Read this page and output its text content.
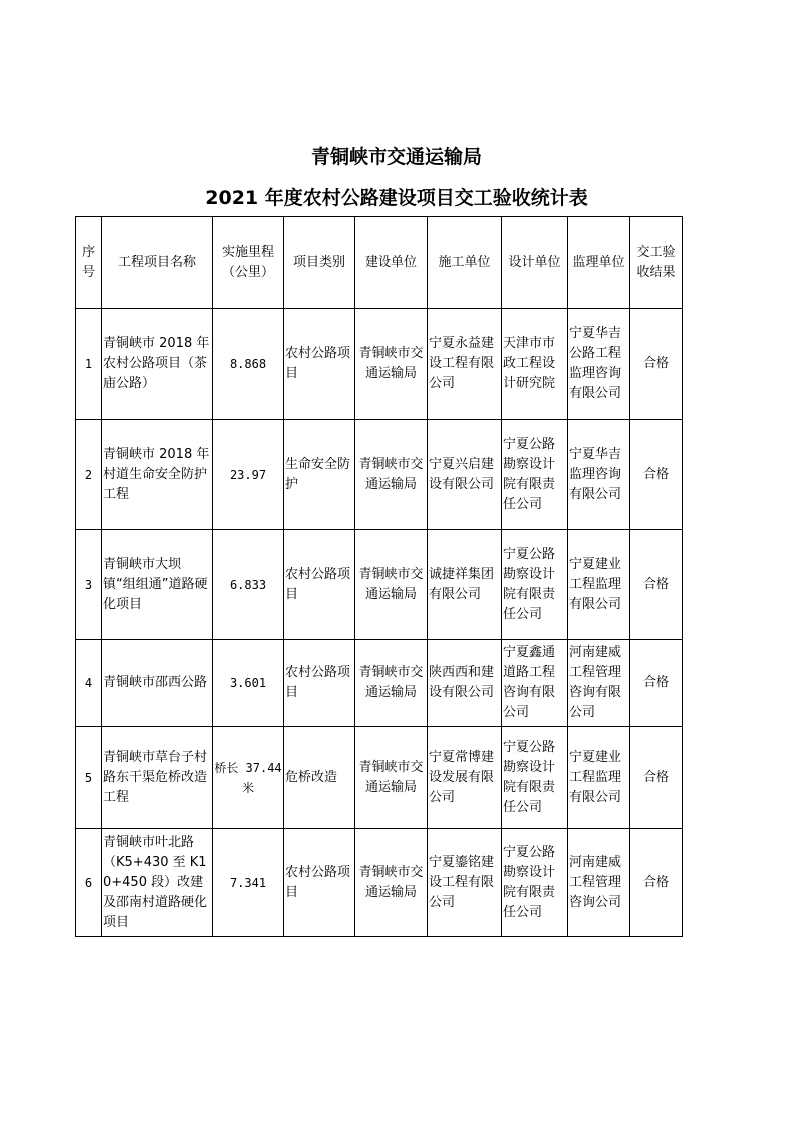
青铜峡市交通运输局
2021 年度农村公路建设项目交工验收统计表
序号	工程项目名称	实施里程（公里）	项目类别	建设单位	施工单位	设计单位	监理单位	交工验收结果
1	青铜峡市 2018 年农村公路项目（茶庙公路）	8.868	农村公路项目	青铜峡市交通运输局	宁夏永益建设工程有限公司	天津市市政工程设计研究院	宁夏华吉公路工程监理咨询有限公司	合格
2	青铜峡市 2018 年村道生命安全防护工程	23.97	生命安全防护	青铜峡市交通运输局	宁夏兴启建设有限公司	宁夏公路勘察设计院有限责任公司	宁夏华吉监理咨询有限公司	合格
3	青铜峡市大坝镇“组组通”道路硬化项目	6.833	农村公路项目	青铜峡市交通运输局	诚捷祥集团有限公司	宁夏公路勘察设计院有限责任公司	宁夏建业工程监理有限公司	合格
4	青铜峡市邵西公路	3.601	农村公路项目	青铜峡市交通运输局	陕西西和建设有限公司	宁夏鑫通道路工程咨询有限公司	河南建威工程管理咨询有限公司	合格
5	青铜峡市草台子村路东干渠危桥改造工程	桥长 37.44 米	危桥改造	青铜峡市交通运输局	宁夏常博建设发展有限公司	宁夏公路勘察设计院有限责任公司	宁夏建业工程监理有限公司	合格
6	青铜峡市叶北路（K5+430 至 K10+450 段）改建及邵南村道路硬化项目	7.341	农村公路项目	青铜峡市交通运输局	宁夏鎏铭建设工程有限公司	宁夏公路勘察设计院有限责任公司	河南建威工程管理咨询公司	合格
